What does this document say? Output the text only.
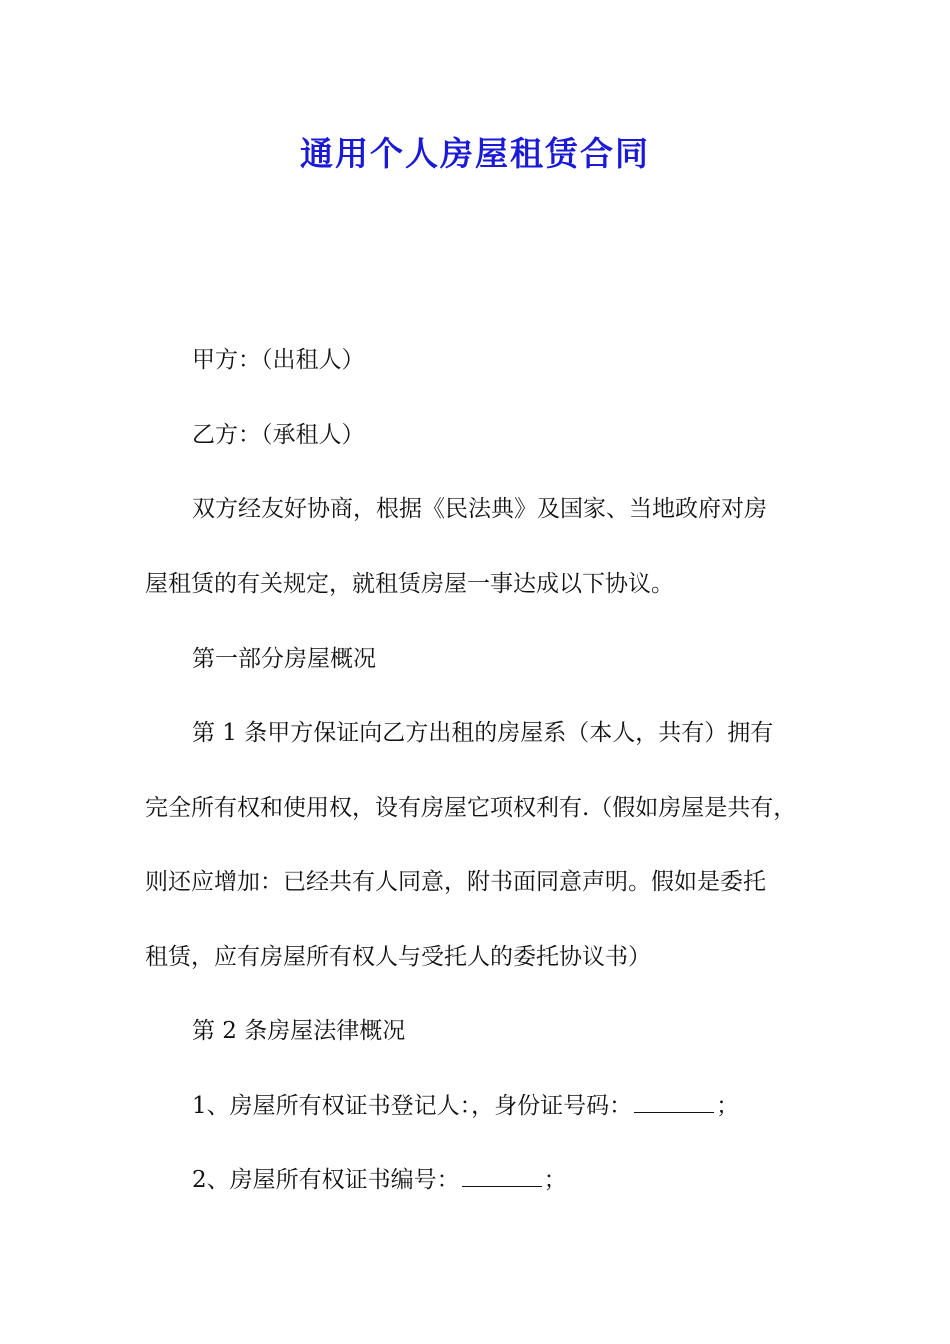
通用个人房屋租赁合同
甲方：（出租人）
乙方：（承租人）
双方经友好协商，根据《民法典》及国家、当地政府对房
屋租赁的有关规定，就租赁房屋一事达成以下协议。
第一部分房屋概况
第 1 条甲方保证向乙方出租的房屋系（本人，共有）拥有
完全所有权和使用权，设有房屋它项权利有.（假如房屋是共有，
则还应增加：已经共有人同意，附书面同意声明。假如是委托
租赁，应有房屋所有权人与受托人的委托协议书）
第 2 条房屋法律概况
1、房屋所有权证书登记人：，身份证号码：	；
2、房屋所有权证书编号：	；
